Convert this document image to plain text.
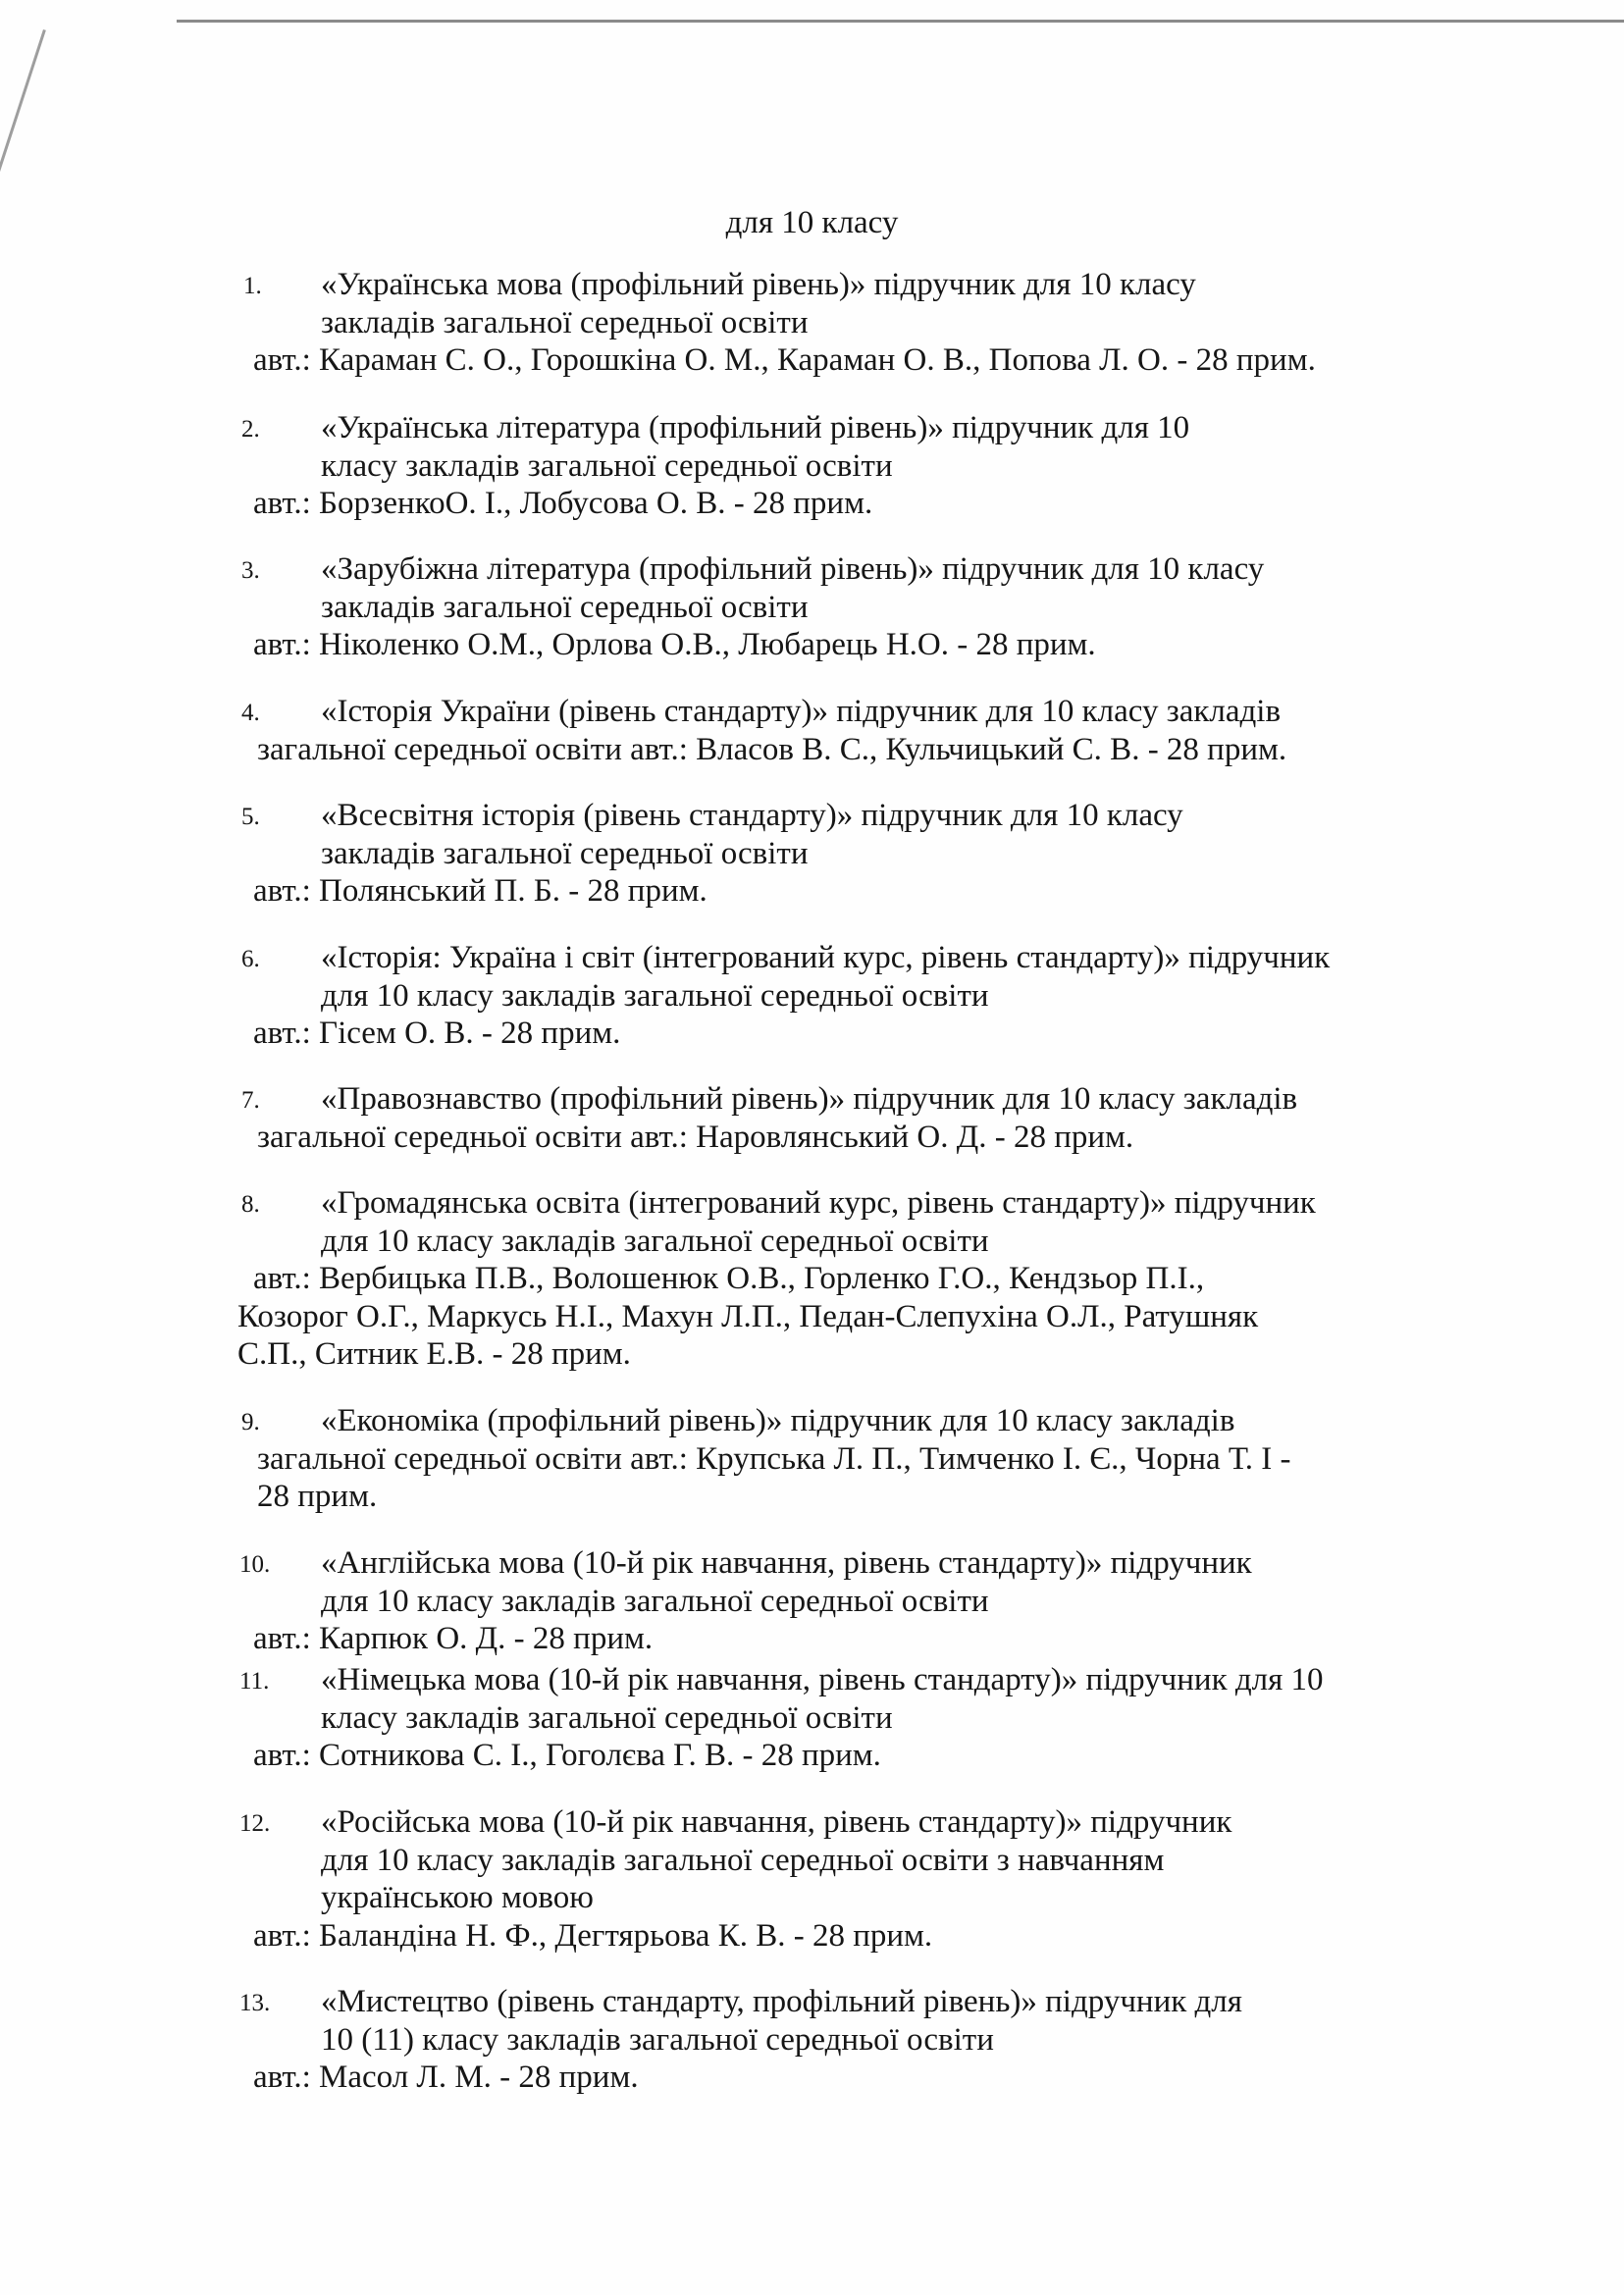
для 10 класу
1. «Українська мова (профільний рівень)» підручник для 10 класу
закладів загальної середньої освіти
авт.: Караман С. О., Горошкіна О. М., Караман О. В., Попова Л. О. - 28 прим.
2. «Українська література (профільний рівень)» підручник для 10
класу закладів загальної середньої освіти
авт.: БорзенкоО. І., Лобусова О. В. - 28 прим.
3. «Зарубіжна література (профільний рівень)» підручник для 10 класу
закладів загальної середньої освіти
авт.: Ніколенко О.М., Орлова О.В., Любарець Н.О. - 28 прим.
4. «Історія України (рівень стандарту)» підручник для 10 класу закладів
загальної середньої освіти авт.: Власов В. С., Кульчицький С. В. - 28 прим.
5. «Всесвітня історія (рівень стандарту)» підручник для 10 класу
закладів загальної середньої освіти
авт.: Полянський П. Б. - 28 прим.
6. «Історія: Україна і світ (інтегрований курс, рівень стандарту)» підручник
для 10 класу закладів загальної середньої освіти
авт.: Гісем О. В. - 28 прим.
7. «Правознавство (профільний рівень)» підручник для 10 класу закладів
загальної середньої освіти авт.: Наровлянський О. Д. - 28 прим.
8. «Громадянська освіта (інтегрований курс, рівень стандарту)» підручник
для 10 класу закладів загальної середньої освіти
авт.: Вербицька П.В., Волошенюк О.В., Горленко Г.О., Кендзьор П.І.,
Козорог О.Г., Маркусь Н.І., Махун Л.П., Педан-Слепухіна О.Л., Ратушняк
С.П., Ситник Е.В. - 28 прим.
9. «Економіка (профільний рівень)» підручник для 10 класу закладів
загальної середньої освіти авт.: Крупська Л. П., Тимченко І. Є., Чорна Т. І -
28 прим.
10. «Англійська мова (10-й рік навчання, рівень стандарту)» підручник
для 10 класу закладів загальної середньої освіти
авт.: Карпюк О. Д. - 28 прим.
11. «Німецька мова (10-й рік навчання, рівень стандарту)» підручник для 10
класу закладів загальної середньої освіти
авт.: Сотникова С. І., Гоголєва Г. В. - 28 прим.
12. «Російська мова (10-й рік навчання, рівень стандарту)» підручник
для 10 класу закладів загальної середньої освіти з навчанням
українською мовою
авт.: Баландіна Н. Ф., Дегтярьова К. В. - 28 прим.
13. «Мистецтво (рівень стандарту, профільний рівень)» підручник для
10 (11) класу закладів загальної середньої освіти
авт.: Масол Л. М. - 28 прим.
